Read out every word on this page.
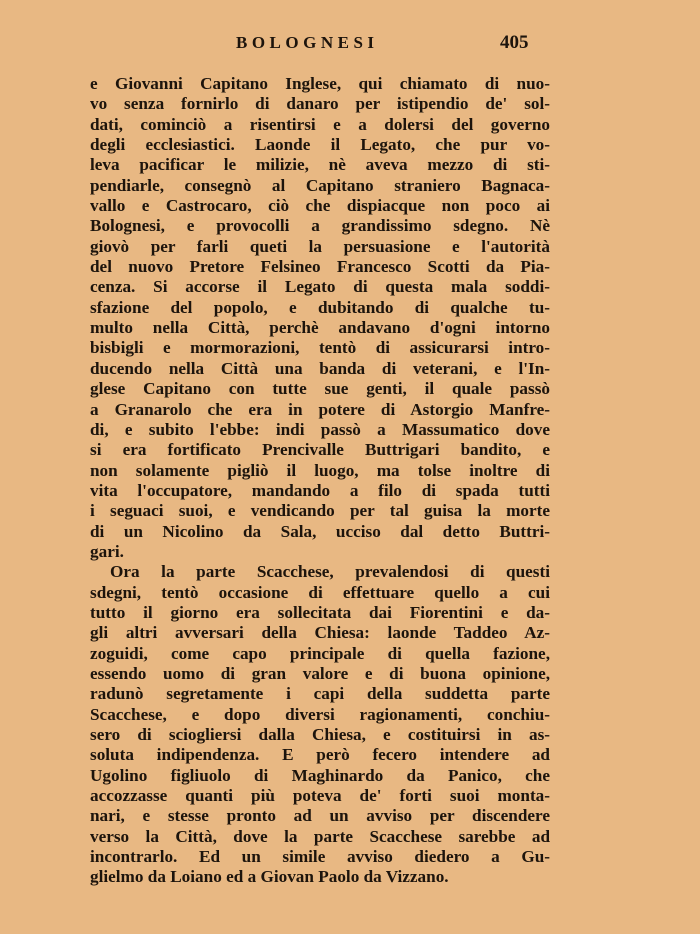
BOLOGNESI	405
e Giovanni Capitano Inglese, qui chiamato di nuo-
vo senza fornirlo di danaro per istipendio de' sol-
dati, cominciò a risentirsi e a dolersi del governo
degli ecclesiastici. Laonde il Legato, che pur vo-
leva pacificar le milizie, nè aveva mezzo di sti-
pendiarle, consegnò al Capitano straniero Bagnaca-
vallo e Castrocaro, ciò che dispiacque non poco ai
Bolognesi, e provocolli a grandissimo sdegno. Nè
giovò per farli queti la persuasione e l'autorità
del nuovo Pretore Felsineo Francesco Scotti da Pia-
cenza. Si accorse il Legato di questa mala soddi-
sfazione del popolo, e dubitando di qualche tu-
multo nella Città, perchè andavano d'ogni intorno
bisbigli e mormorazioni, tentò di assicurarsi intro-
ducendo nella Città una banda di veterani, e l'In-
glese Capitano con tutte sue genti, il quale passò
a Granarolo che era in potere di Astorgio Manfre-
di, e subito l'ebbe: indi passò a Massumatico dove
si era fortificato Prencivalle Buttrigari bandito, e
non solamente pigliò il luogo, ma tolse inoltre di
vita l'occupatore, mandando a filo di spada tutti
i seguaci suoi, e vendicando per tal guisa la morte
di un Nicolino da Sala, ucciso dal detto Buttri-
gari.
Ora la parte Scacchese, prevalendosi di questi
sdegni, tentò occasione di effettuare quello a cui
tutto il giorno era sollecitata dai Fiorentini e da-
gli altri avversari della Chiesa: laonde Taddeo Az-
zoguidi, come capo principale di quella fazione,
essendo uomo di gran valore e di buona opinione,
radunò segretamente i capi della suddetta parte
Scacchese, e dopo diversi ragionamenti, conchiu-
sero di sciogliersi dalla Chiesa, e costituirsi in as-
soluta indipendenza. E però fecero intendere ad
Ugolino figliuolo di Maghinardo da Panico, che
accozzasse quanti più poteva de' forti suoi monta-
nari, e stesse pronto ad un avviso per discendere
verso la Città, dove la parte Scacchese sarebbe ad
incontrarlo. Ed un simile avviso diedero a Gu-
glielmo da Loiano ed a Giovan Paolo da Vizzano.
